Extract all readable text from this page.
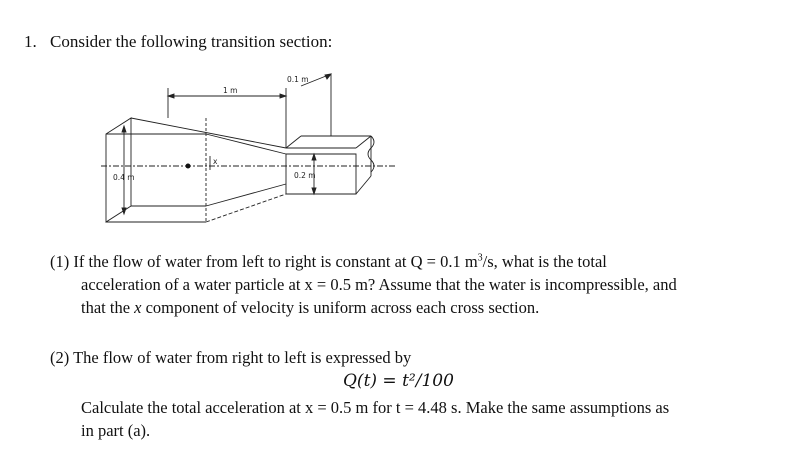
1. Consider the following transition section:
1 m
0.1 m
0.4 m	0.2 m
x
(1) If the flow of water from left to right is constant at Q = 0.1 $m^3/s$, what is the total
acceleration of a water particle at x = 0.5 m? Assume that the water is incompressible, and
that the x component of velocity is uniform across each cross section.
(2) The flow of water from right to left is expressed by
Q(t) = t²/100
Calculate the total acceleration at x = 0.5 m for t = 4.48 s. Make the same assumptions as
in part (a).
